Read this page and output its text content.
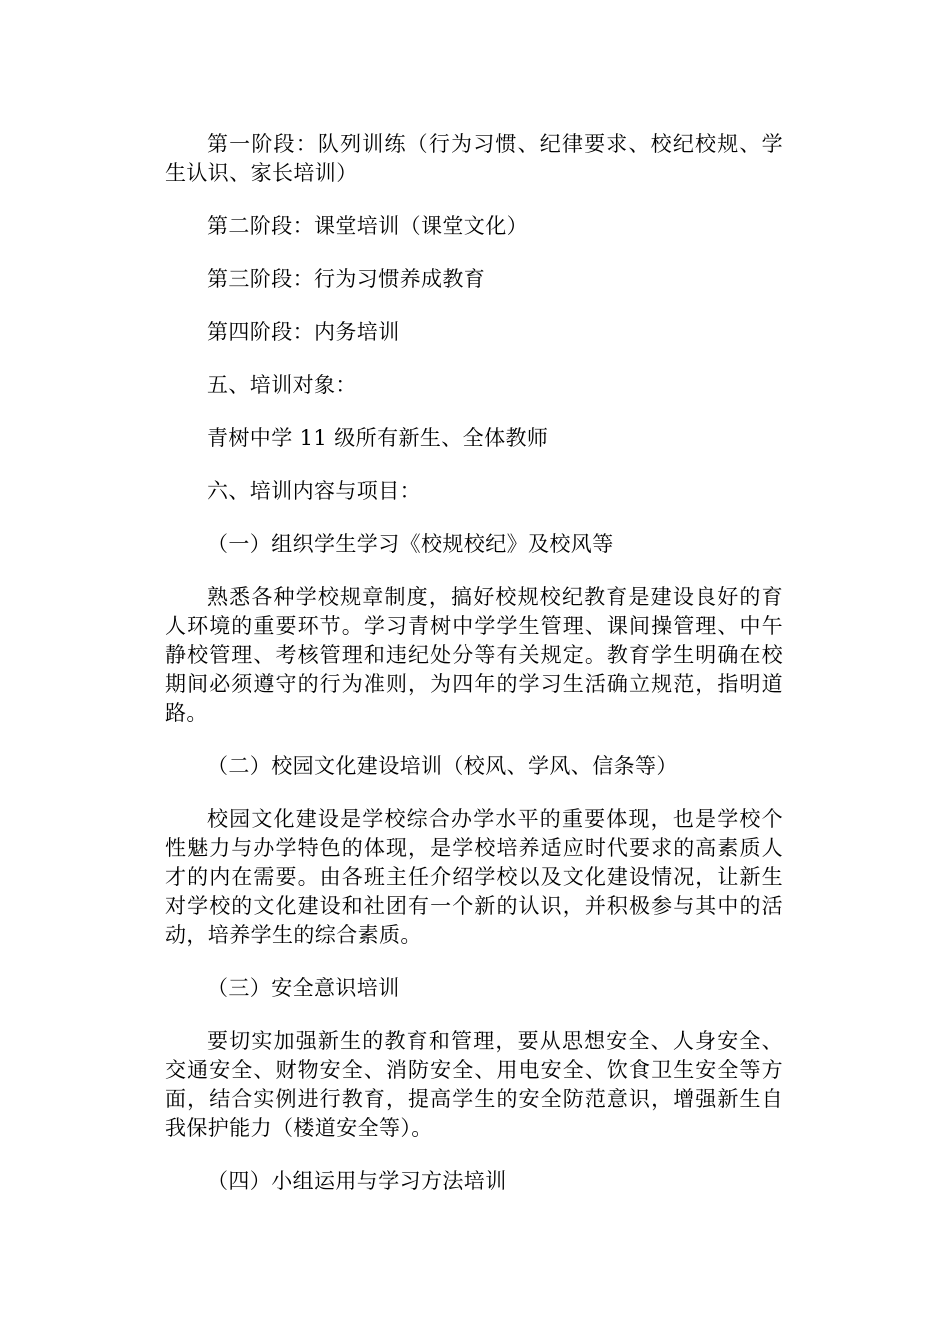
第一阶段：队列训练（行为习惯、纪律要求、校纪校规、学生认识、家长培训）

第二阶段：课堂培训（课堂文化）

第三阶段：行为习惯养成教育

第四阶段：内务培训

五、培训对象：

青树中学 11 级所有新生、全体教师

六、培训内容与项目：

（一）组织学生学习《校规校纪》及校风等

熟悉各种学校规章制度，搞好校规校纪教育是建设良好的育人环境的重要环节。学习青树中学学生管理、课间操管理、中午静校管理、考核管理和违纪处分等有关规定。教育学生明确在校期间必须遵守的行为准则，为四年的学习生活确立规范，指明道路。

（二）校园文化建设培训（校风、学风、信条等）

校园文化建设是学校综合办学水平的重要体现，也是学校个性魅力与办学特色的体现，是学校培养适应时代要求的高素质人才的内在需要。由各班主任介绍学校以及文化建设情况，让新生对学校的文化建设和社团有一个新的认识，并积极参与其中的活动，培养学生的综合素质。

（三）安全意识培训

要切实加强新生的教育和管理，要从思想安全、人身安全、交通安全、财物安全、消防安全、用电安全、饮食卫生安全等方面，结合实例进行教育，提高学生的安全防范意识，增强新生自我保护能力（楼道安全等）。

（四）小组运用与学习方法培训
